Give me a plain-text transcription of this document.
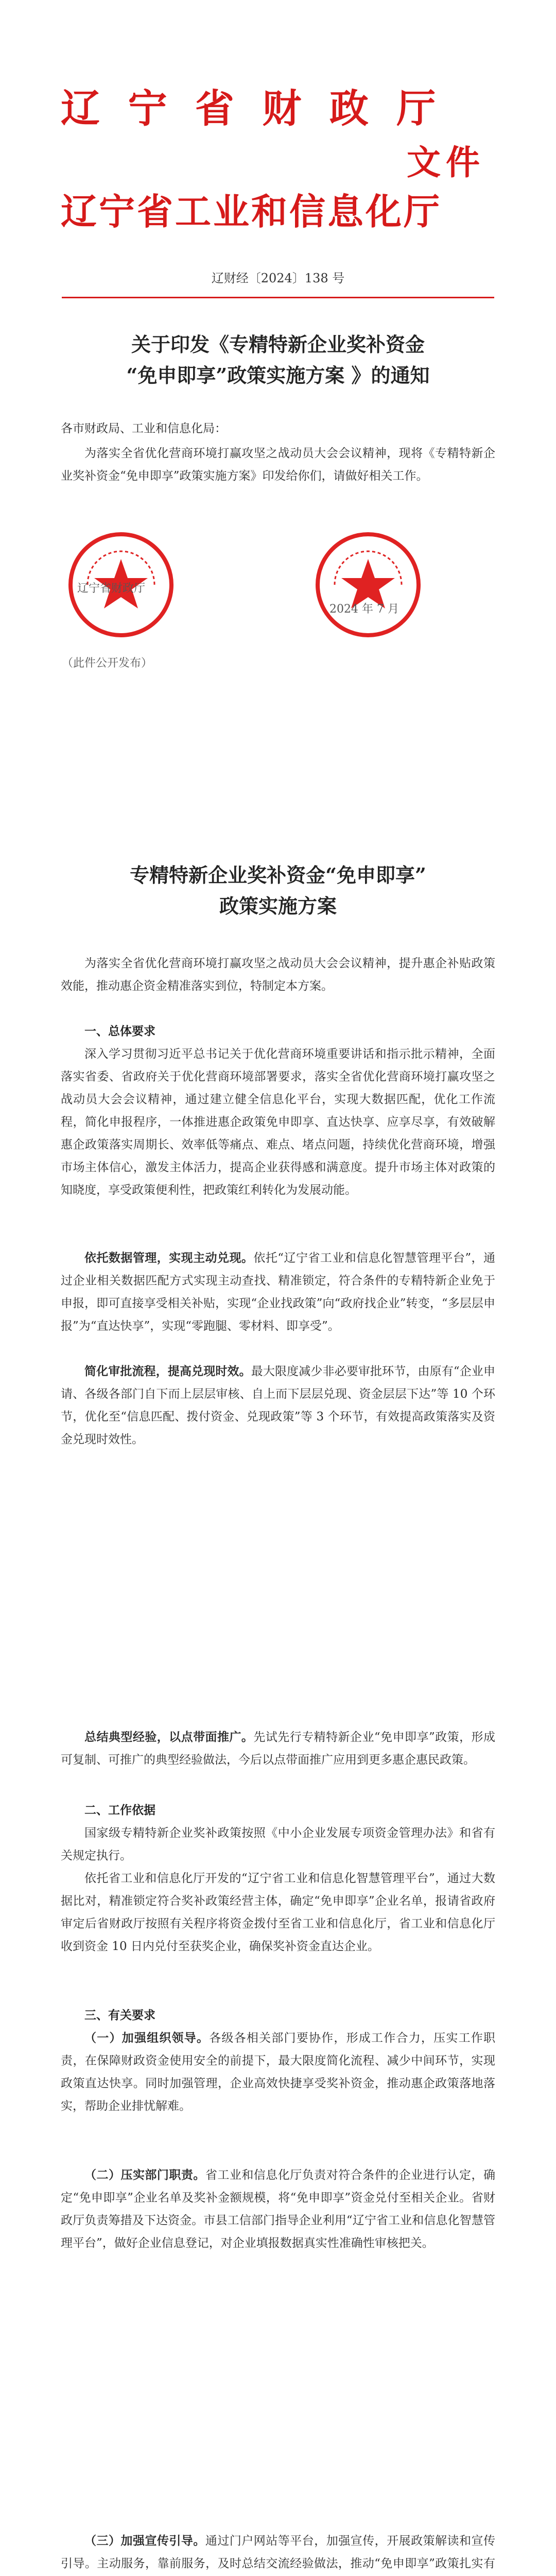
辽 宁 省 财 政 厅
文件
辽宁省工业和信息化厅
辽财经〔2024〕138 号
关于印发《专精特新企业奖补资金
“免申即享”政策实施方案 》的通知
各市财政局、工业和信息化局：
为落实全省优化营商环境打赢攻坚之战动员大会会议精神，现将《专精特新企业奖补资金“免申即享”政策实施方案》印发给你们，请做好相关工作。
辽宁省财政厅
2024 年 7 月
（此件公开发布）
专精特新企业奖补资金“免申即享”
政策实施方案
为落实全省优化营商环境打赢攻坚之战动员大会会议精神，提升惠企补贴政策效能，推动惠企资金精准落实到位，特制定本方案。
一、总体要求
深入学习贯彻习近平总书记关于优化营商环境重要讲话和指示批示精神，全面落实省委、省政府关于优化营商环境部署要求，落实全省优化营商环境打赢攻坚之战动员大会会议精神，通过建立健全信息化平台，实现大数据匹配，优化工作流程，简化申报程序，一体推进惠企政策免申即享、直达快享、应享尽享，有效破解惠企政策落实周期长、效率低等痛点、难点、堵点问题，持续优化营商环境，增强市场主体信心，激发主体活力，提高企业获得感和满意度。提升市场主体对政策的知晓度，享受政策便利性，把政策红利转化为发展动能。
依托数据管理，实现主动兑现。依托“辽宁省工业和信息化智慧管理平台”，通过企业相关数据匹配方式实现主动查找、精准锁定，符合条件的专精特新企业免于申报，即可直接享受相关补贴，实现“企业找政策”向“政府找企业”转变，“多层层申报”为“直达快享”，实现“零跑腿、零材料、即享受”。
简化审批流程，提高兑现时效。最大限度减少非必要审批环节，由原有“企业申请、各级各部门自下而上层层审核、自上而下层层兑现、资金层层下达”等 10 个环节，优化至“信息匹配、拨付资金、兑现政策”等 3 个环节，有效提高政策落实及资金兑现时效性。
总结典型经验，以点带面推广。先试先行专精特新企业“免申即享”政策，形成可复制、可推广的典型经验做法，今后以点带面推广应用到更多惠企惠民政策。
二、工作依据
国家级专精特新企业奖补政策按照《中小企业发展专项资金管理办法》和省有关规定执行。
依托省工业和信息化厅开发的“辽宁省工业和信息化智慧管理平台”，通过大数据比对，精准锁定符合奖补政策经营主体，确定“免申即享”企业名单，报请省政府审定后省财政厅按照有关程序将资金拨付至省工业和信息化厅，省工业和信息化厅收到资金 10 日内兑付至获奖企业，确保奖补资金直达企业。
三、有关要求
（一）加强组织领导。各级各相关部门要协作，形成工作合力，压实工作职责，在保障财政资金使用安全的前提下，最大限度简化流程、减少中间环节，实现政策直达快享。同时加强管理，企业高效快捷享受奖补资金，推动惠企政策落地落实，帮助企业排忧解难。
（二）压实部门职责。省工业和信息化厅负责对符合条件的企业进行认定，确定“免申即享”企业名单及奖补金额规模，将“免申即享”资金兑付至相关企业。省财政厅负责筹措及下达资金。市县工信部门指导企业利用“辽宁省工业和信息化智慧管理平台”，做好企业信息登记，对企业填报数据真实性准确性审核把关。
（三）加强宣传引导。通过门户网站等平台，加强宣传，开展政策解读和宣传引导。主动服务，靠前服务，及时总结交流经验做法，推动“免申即享”政策扎实有
